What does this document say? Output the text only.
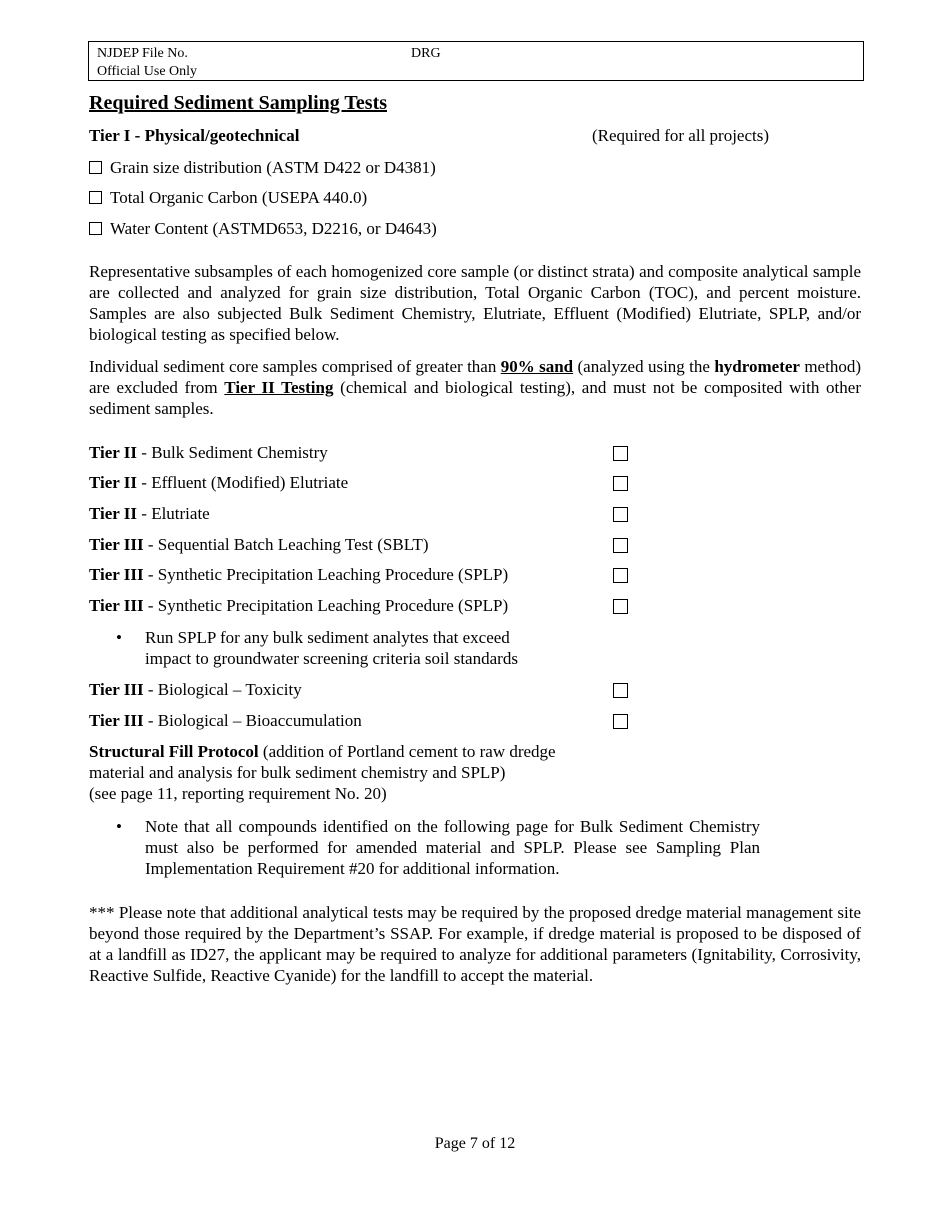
NJDEP File No.	DRG
Official Use Only
Required Sediment Sampling Tests
Tier I - Physical/geotechnical	(Required for all projects)
Grain size distribution (ASTM D422 or D4381)
Total Organic Carbon (USEPA 440.0)
Water Content (ASTMD653, D2216, or D4643)

Representative subsamples of each homogenized core sample (or distinct strata) and composite analytical sample are collected and analyzed for grain size distribution, Total Organic Carbon (TOC), and percent moisture. Samples are also subjected Bulk Sediment Chemistry, Elutriate, Effluent (Modified) Elutriate, SPLP, and/or biological testing as specified below.

Individual sediment core samples comprised of greater than 90% sand (analyzed using the hydrometer method) are excluded from Tier II Testing (chemical and biological testing), and must not be composited with other sediment samples.

Tier II - Bulk Sediment Chemistry
Tier II - Effluent (Modified) Elutriate
Tier II - Elutriate
Tier III - Sequential Batch Leaching Test (SBLT)
Tier III - Synthetic Precipitation Leaching Procedure (SPLP)
Tier III - Synthetic Precipitation Leaching Procedure (SPLP)
• Run SPLP for any bulk sediment analytes that exceed
impact to groundwater screening criteria soil standards
Tier III - Biological – Toxicity
Tier III - Biological – Bioaccumulation
Structural Fill Protocol (addition of Portland cement to raw dredge
material and analysis for bulk sediment chemistry and SPLP)
(see page 11, reporting requirement No. 20)
• Note that all compounds identified on the following page for Bulk Sediment Chemistry must also be performed for amended material and SPLP. Please see Sampling Plan Implementation Requirement #20 for additional information.

*** Please note that additional analytical tests may be required by the proposed dredge material management site beyond those required by the Department’s SSAP. For example, if dredge material is proposed to be disposed of at a landfill as ID27, the applicant may be required to analyze for additional parameters (Ignitability, Corrosivity, Reactive Sulfide, Reactive Cyanide) for the landfill to accept the material.

Page 7 of 12
